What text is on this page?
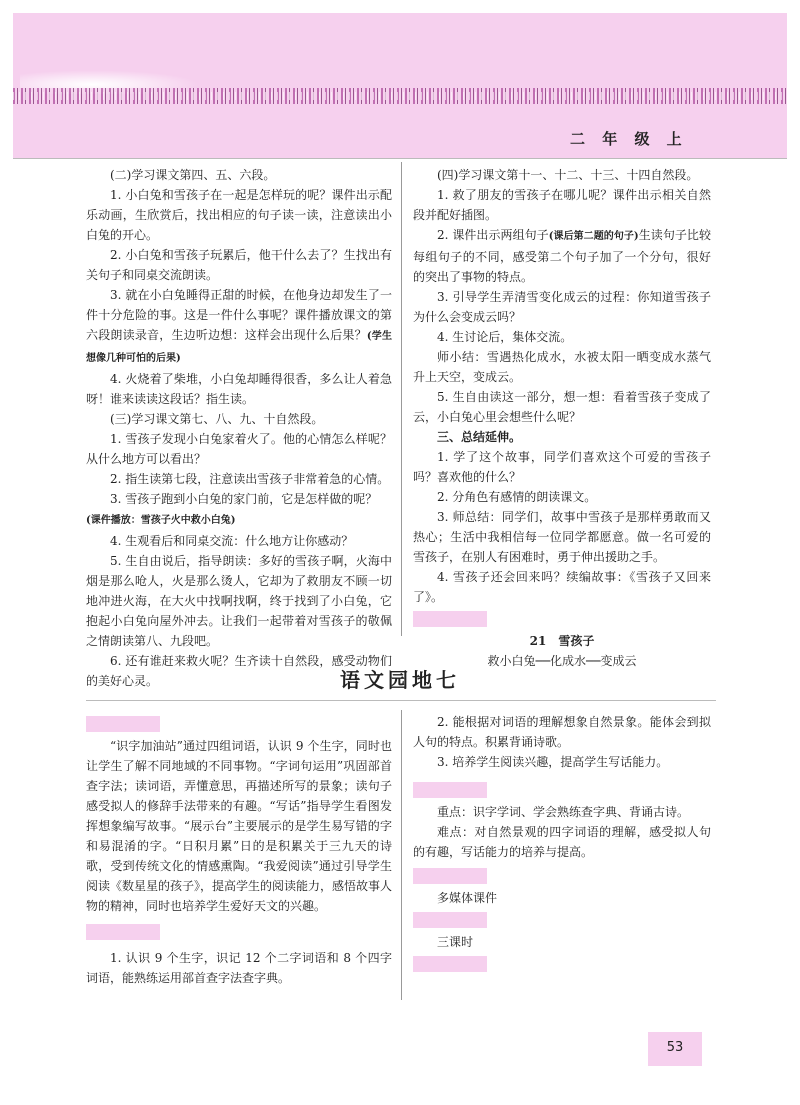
二 年 级 上

(二)学习课文第四、五、六段。

1. 小白兔和雪孩子在一起是怎样玩的呢？课件出示配乐动画，生欣赏后，找出相应的句子读一读，注意读出小白兔的开心。

2. 小白兔和雪孩子玩累后，他干什么去了？生找出有关句子和同桌交流朗读。

3. 就在小白兔睡得正甜的时候，在他身边却发生了一件十分危险的事。这是一件什么事呢？课件播放课文的第六段朗读录音，生边听边想：这样会出现什么后果？(学生想像几种可怕的后果)

4. 火烧着了柴堆，小白兔却睡得很香，多么让人着急呀！谁来读读这段话？指生读。

(三)学习课文第七、八、九、十自然段。

1. 雪孩子发现小白兔家着火了。他的心情怎么样呢？从什么地方可以看出？

2. 指生读第七段，注意读出雪孩子非常着急的心情。

3. 雪孩子跑到小白兔的家门前，它是怎样做的呢？

(课件播放：雪孩子火中救小白兔)

4. 生观看后和同桌交流：什么地方让你感动？

5. 生自由说后，指导朗读：多好的雪孩子啊，火海中烟是那么呛人，火是那么烫人，它却为了救朋友不顾一切地冲进火海，在大火中找啊找啊，终于找到了小白兔，它抱起小白兔向屋外冲去。让我们一起带着对雪孩子的敬佩之情朗读第八、九段吧。

6. 还有谁赶来救火呢？生齐读十自然段，感受动物们的美好心灵。

(四)学习课文第十一、十二、十三、十四自然段。

1. 救了朋友的雪孩子在哪儿呢？课件出示相关自然段并配好插图。

2. 课件出示两组句子(课后第二题的句子)生读句子比较每组句子的不同，感受第二个句子加了一个分句，很好的突出了事物的特点。

3. 引导学生弄清雪变化成云的过程：你知道雪孩子为什么会变成云吗？

4. 生讨论后，集体交流。

师小结：雪遇热化成水，水被太阳一晒变成水蒸气升上天空，变成云。

5. 生自由读这一部分，想一想：看着雪孩子变成了云，小白兔心里会想些什么呢？

三、总结延伸。

1. 学了这个故事，同学们喜欢这个可爱的雪孩子吗？喜欢他的什么？

2. 分角色有感情的朗读课文。

3. 师总结：同学们，故事中雪孩子是那样勇敢而又热心；生活中我相信每一位同学都愿意。做一名可爱的雪孩子，在别人有困难时，勇于伸出援助之手。

4. 雪孩子还会回来吗？续编故事：《雪孩子又回来了》。

21　雪孩子

救小白兔──化成水──变成云

语文园地七

“识字加油站”通过四组词语，认识 9 个生字，同时也让学生了解不同地域的不同事物。“字词句运用”巩固部首查字法；读词语，弄懂意思，再描述所写的景象；读句子感受拟人的修辞手法带来的有趣。“写话”指导学生看图发挥想象编写故事。“展示台”主要展示的是学生易写错的字和易混淆的字。“日积月累”日的是积累关于三九天的诗歌，受到传统文化的情感熏陶。“我爱阅读”通过引导学生阅读《数星星的孩子》，提高学生的阅读能力，感悟故事人物的精神，同时也培养学生爱好天文的兴趣。

1. 认识 9 个生字，识记 12 个二字词语和 8 个四字词语，能熟练运用部首查字法查字典。

2. 能根据对词语的理解想象自然景象。能体会到拟人句的特点。积累背诵诗歌。

3. 培养学生阅读兴趣，提高学生写话能力。

重点：识字学词、学会熟练查字典、背诵古诗。

难点：对自然景观的四字词语的理解，感受拟人句的有趣，写话能力的培养与提高。

多媒体课件

三课时

53
